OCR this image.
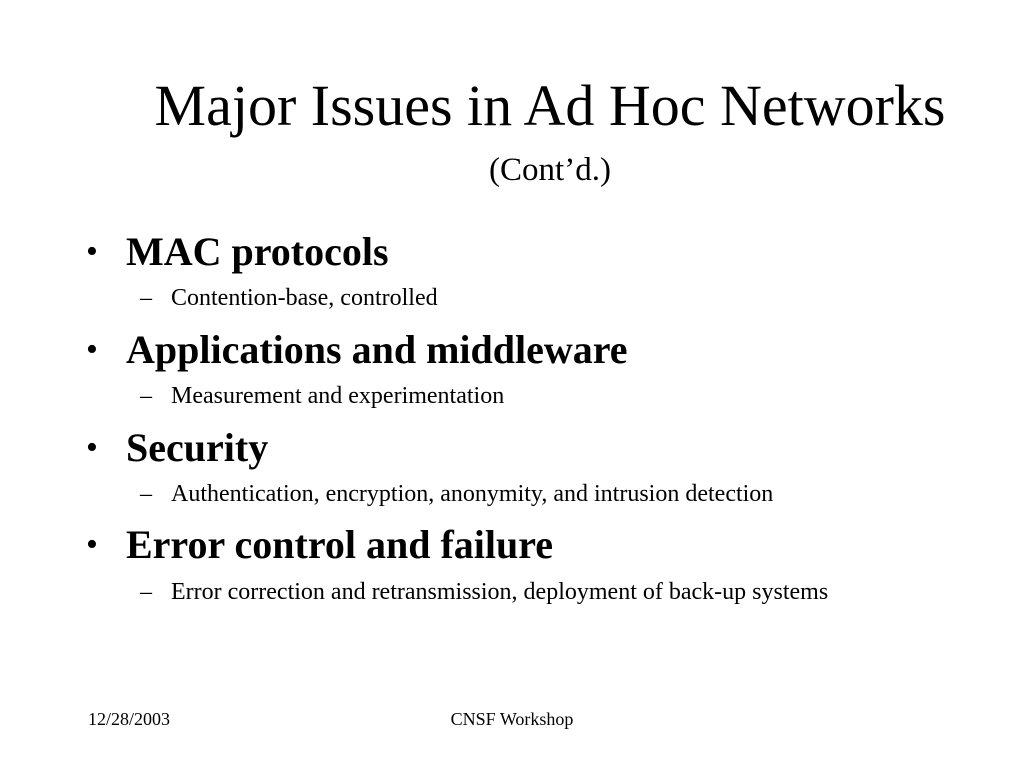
Major Issues in Ad Hoc Networks
(Cont’d.)
• MAC protocols
– Contention-base, controlled
• Applications and middleware
– Measurement and experimentation
• Security
– Authentication, encryption, anonymity, and intrusion detection
• Error control and failure
– Error correction and retransmission, deployment of back-up systems
12/28/2003	CNSF Workshop
